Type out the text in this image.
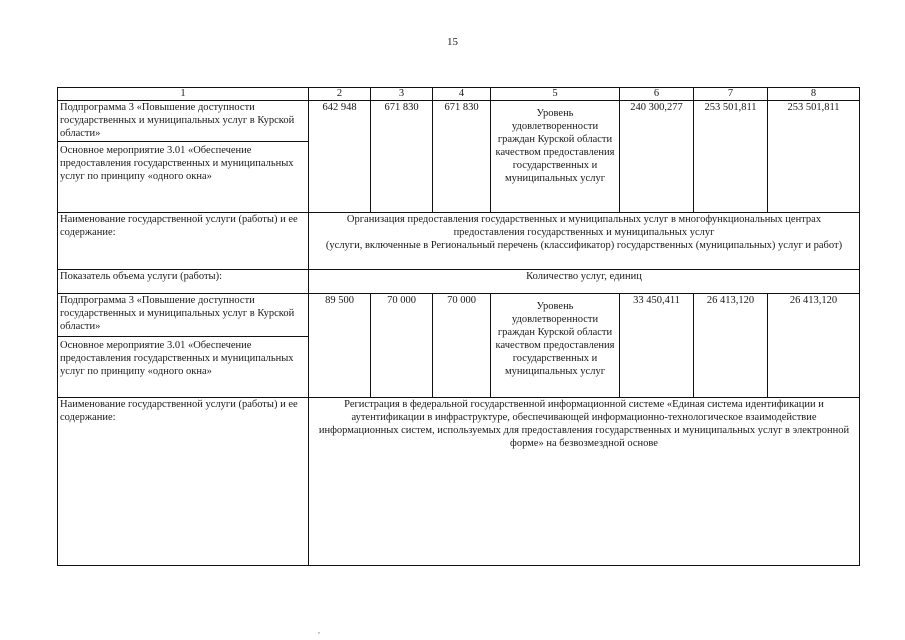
15
1	2	3	4	5	6	7	8

Подпрограмма 3 «Повышение доступности государственных и муниципальных услуг в Курской области»
Основное мероприятие 3.01 «Обеспечение предоставления государственных и муниципальных услуг по принципу «одного окна»	642 948	671 830	671 830	Уровень удовлетворенности граждан Курской области качеством предоставления государственных и муниципальных услуг	240 300,277	253 501,811	253 501,811
Наименование государственной услуги (работы) и ее содержание:	Организация предоставления государственных и муниципальных услуг в многофункциональных центрах предоставления государственных и муниципальных услуг
(услуги, включенные в Региональный перечень (классификатор) государственных (муниципальных) услуг и работ)						

Показатель объема услуги (работы):	Количество услуг, единиц						

Подпрограмма 3 «Повышение доступности государственных и муниципальных услуг в Курской области»
Основное мероприятие 3.01 «Обеспечение предоставления государственных и муниципальных услуг по принципу «одного окна»	89 500	70 000	70 000	Уровень удовлетворенности граждан Курской области качеством предоставления государственных и муниципальных услуг	33 450,411	26 413,120	26 413,120
Наименование государственной услуги (работы) и ее содержание:	Регистрация в федеральной государственной информационной системе «Единая система идентификации и аутентификации в инфраструктуре, обеспечивающей информационно-технологическое взаимодействие информационных систем, используемых для предоставления государственных и муниципальных услуг в электронной форме» на безвозмездной основе						
,
